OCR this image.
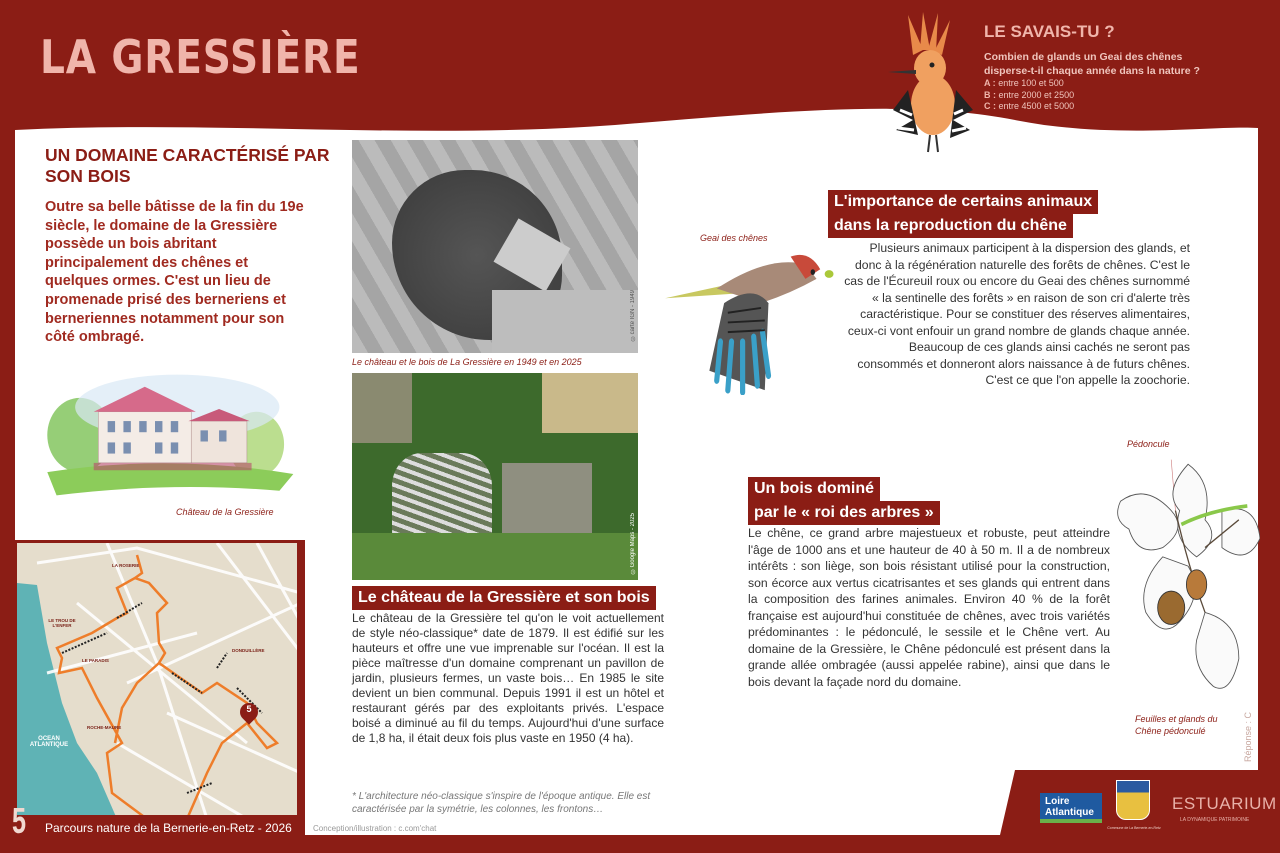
LA GRESSIÈRE	LE SAVAIS-TU ?
Combien de glands un Geai des chênes disperse-t-il chaque année dans la nature ?
A : entre 100 et 500
B : entre 2000 et 2500
C : entre 4500 et 5000
UN DOMAINE CARACTÉRISÉ PAR SON BOIS
Outre sa belle bâtisse de la fin du 19e siècle, le domaine de la Gressière possède un bois abritant principalement des chênes et quelques ormes. C'est un lieu de promenade prisé des berneriens et berneriennes notamment pour son côté ombragé.
Château de la Gressière
LA ROSERIE
LE TROU DE L'ENFER
LE PARADIS
DONDUILLÈRE
ROCHE-MAURE
OCEAN ATLANTIQUE
5
©carte IGN - 1949
Le château et le bois de La Gressière en 1949 et en 2025
©Google Maps - 2025
Le château de la Gressière et son bois
Le château de la Gressière tel qu'on le voit actuellement de style néo-classique* date de 1879. Il est édifié sur les hauteurs et offre une vue imprenable sur l'océan. Il est la pièce maîtresse d'un domaine comprenant un pavillon de jardin, plusieurs fermes, un vaste bois… En 1985 le site devient un bien communal. Depuis 1991 il est un hôtel et restaurant gérés par des exploitants privés. L'espace boisé a diminué au fil du temps. Aujourd'hui d'une surface de 1,8 ha, il était deux fois plus vaste en 1950 (4 ha).
* L'architecture néo-classique s'inspire de l'époque antique. Elle est caractérisée par la symétrie, les colonnes, les frontons…
L'importance de certains animaux
dans la reproduction du chêne
Geai des chênes
Plusieurs animaux participent à la dispersion des glands, et donc à la régénération naturelle des forêts de chênes. C'est le cas de l'Écureuil roux ou encore du Geai des chênes surnommé « la sentinelle des forêts » en raison de son cri d'alerte très caractéristique. Pour se constituer des réserves alimentaires, ceux-ci vont enfouir un grand nombre de glands chaque année. Beaucoup de ces glands ainsi cachés ne seront pas consommés et donneront alors naissance à de futurs chênes. C'est ce que l'on appelle la zoochorie.
Un bois dominé
par le « roi des arbres »
Le chêne, ce grand arbre majestueux et robuste, peut atteindre l'âge de 1000 ans et une hauteur de 40 à 50 m. Il a de nombreux intérêts : son liège, son bois résistant utilisé pour la construction, son écorce aux vertus cicatrisantes et ses glands qui entrent dans la composition des farines animales. Environ 40 % de la forêt française est aujourd'hui constituée de chênes, avec trois variétés prédominantes : le pédonculé, le sessile et le Chêne vert. Au domaine de la Gressière, le Chêne pédonculé est présent dans la grande allée ombragée (aussi appelée rabine), ainsi que dans le bois devant la façade nord du domaine.
Pédoncule
Feuilles et glands du Chêne pédonculé	Réponse : C
5 Parcours nature de la Bernerie-en-Retz - 2026	Conception/illustration : c.com'chat
Loire Atlantique
Commune de La Bernerie-en-Retz
ESTUARIUM
LA DYNAMIQUE PATRIMOINE
